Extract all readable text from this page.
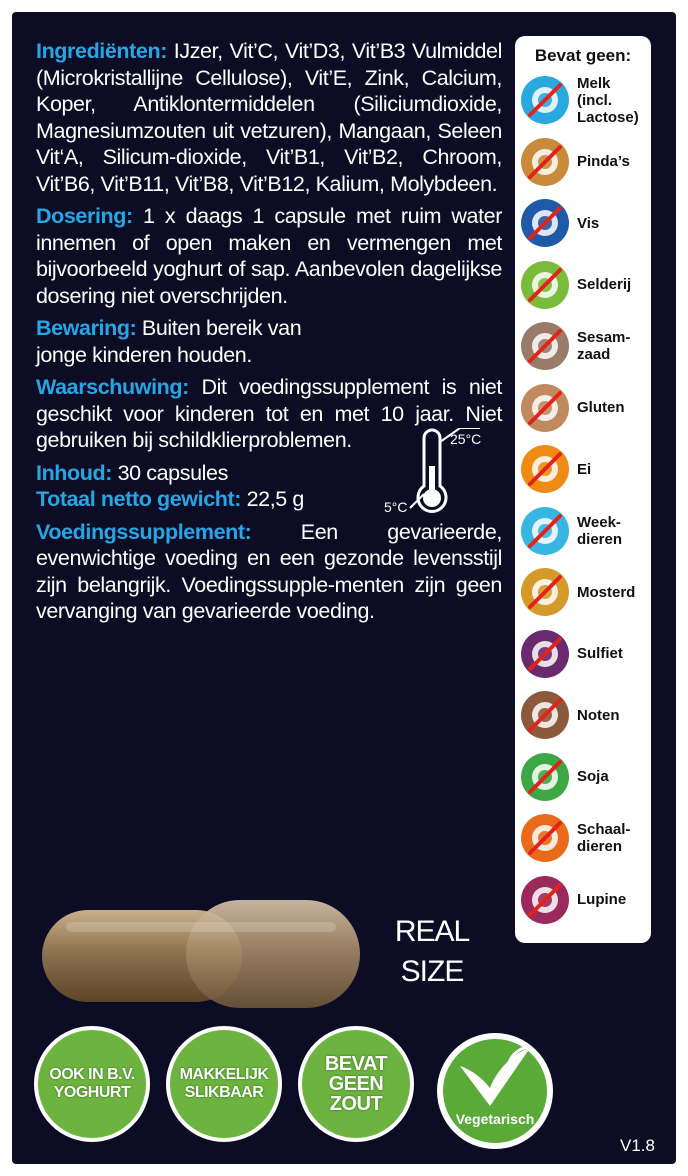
Ingrediënten: IJzer, Vit’C, Vit’D3, Vit’B3 Vulmiddel (Microkristallijne Cellulose), Vit’E, Zink, Calcium, Koper, Antiklontermiddelen (Siliciumdioxide, Magnesiumzouten uit vetzuren), Mangaan, Seleen Vit‘A, Silicum-dioxide, Vit’B1, Vit’B2, Chroom, Vit’B6, Vit’B11, Vit’B8, Vit’B12, Kalium, Molybdeen.
Dosering: 1 x daags 1 capsule met ruim water innemen of open maken en vermengen met bijvoorbeeld yoghurt of sap. Aanbevolen dagelijkse dosering niet overschrijden.
Bewaring: Buiten bereik van jonge kinderen houden.
Waarschuwing: Dit voedingssupplement is niet geschikt voor kinderen tot en met 10 jaar. Niet gebruiken bij schildklierproblemen.
Inhoud: 30 capsules
Totaal netto gewicht: 22,5 g
Voedingssupplement: Een gevarieerde, evenwichtige voeding en een gezonde levensstijl zijn belangrijk. Voedingssupple-menten zijn geen vervanging van gevarieerde voeding.
25°C
5°C
Bevat geen:
Melk
(incl.
Lactose)
Pinda’s
Vis
Selderij
Sesam-
zaad
Gluten
Ei
Week-
dieren
Mosterd
Sulfiet
Noten
Soja
Schaal-
dieren
Lupine
REAL
SIZE
OOK IN B.V.
YOGHURT
MAKKELIJK
SLIKBAAR
BEVAT
GEEN
ZOUT
Vegetarisch
V1.8
